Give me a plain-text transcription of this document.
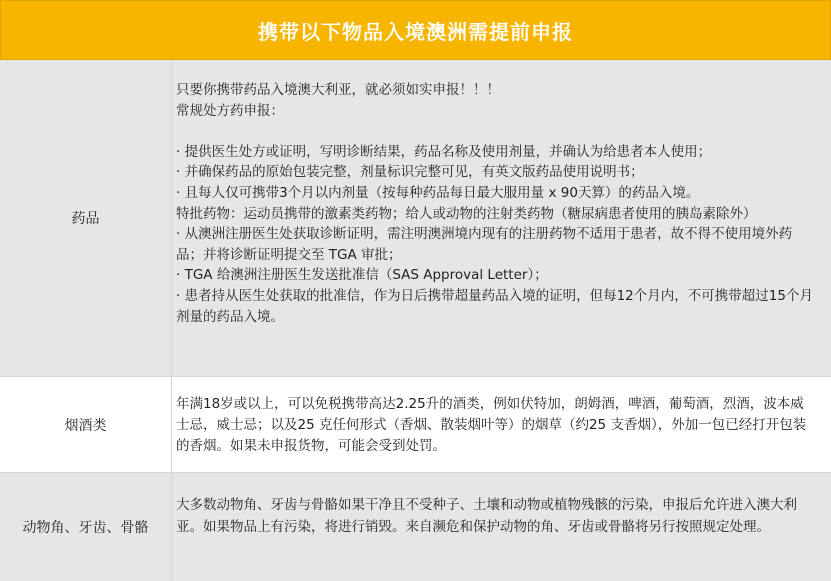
携带以下物品入境澳洲需提前申报
药品

只要你携带药品入境澳大利亚，就必须如实申报！！！

常规处方药申报：

· 提供医生处方或证明，写明诊断结果，药品名称及使用剂量，并确认为给患者本人使用；

· 并确保药品的原始包装完整，剂量标识完整可见，有英文版药品使用说明书；

· 且每人仅可携带3个月以内剂量（按每种药品每日最大服用量 x 90天算）的药品入境。

特批药物：运动员携带的激素类药物；给人或动物的注射类药物（糖尿病患者使用的胰岛素除外）

· 从澳洲注册医生处获取诊断证明，需注明澳洲境内现有的注册药物不适用于患者，故不得不使用境外药品；并将诊断证明提交至 TGA 审批；

· TGA 给澳洲注册医生发送批准信（SAS Approval Letter）；

· 患者持从医生处获取的批准信，作为日后携带超量药品入境的证明，但每12个月内，不可携带超过15个月剂量的药品入境。

烟酒类

年满18岁或以上，可以免税携带高达2.25升的酒类，例如伏特加，朗姆酒，啤酒，葡萄酒，烈酒，波本威士忌，威士忌；以及25 克任何形式（香烟、散装烟叶等）的烟草（约25 支香烟），外加一包已经打开包装的香烟。如果未申报货物，可能会受到处罚。

动物角、牙齿、骨骼

大多数动物角、牙齿与骨骼如果干净且不受种子、土壤和动物或植物残骸的污染，申报后允许进入澳大利亚。如果物品上有污染，将进行销毁。来自濒危和保护动物的角、牙齿或骨骼将另行按照规定处理。
